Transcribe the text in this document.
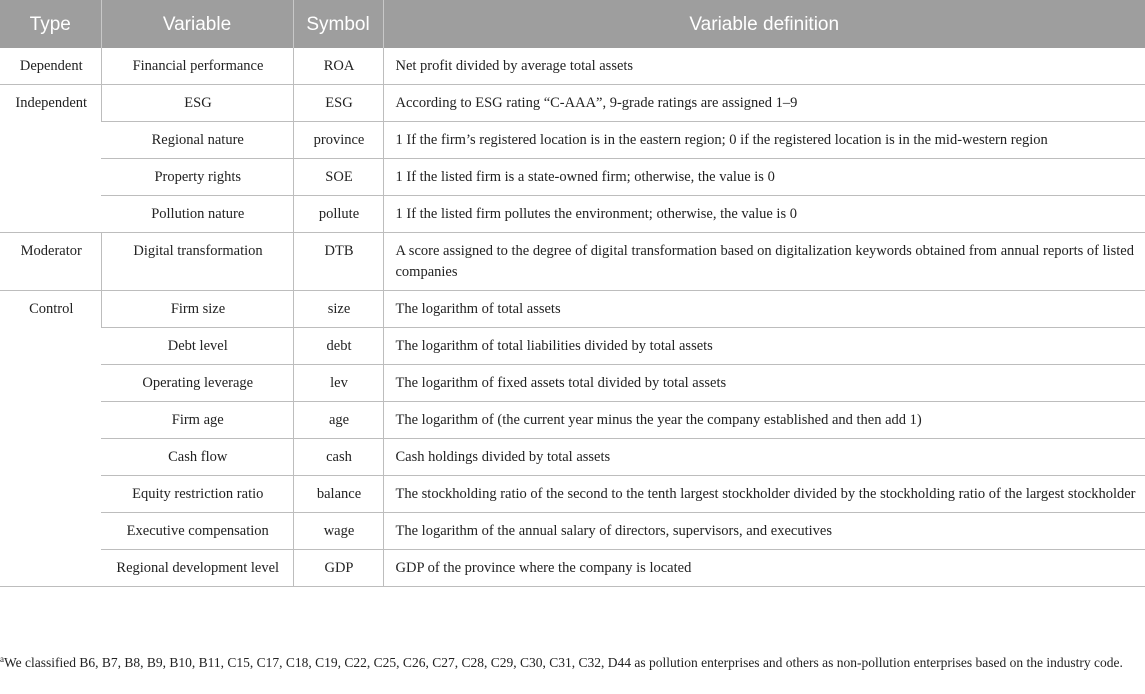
Type	Variable	Symbol	Variable definition
Dependent	Financial performance	ROA	Net profit divided by average total assets
Independent	ESG	ESG	According to ESG rating “C-AAA”, 9-grade ratings are assigned 1–9
	Regional nature	province	1 If the firm’s registered location is in the eastern region; 0 if the registered location is in the mid-western region
	Property rights	SOE	1 If the listed firm is a state-owned firm; otherwise, the value is 0
	Pollution nature	pollute	1 If the listed firm pollutes the environment; otherwise, the value is 0
Moderator	Digital transformation	DTB	A score assigned to the degree of digital transformation based on digitalization keywords obtained from annual reports of listed companies
Control	Firm size	size	The logarithm of total assets
	Debt level	debt	The logarithm of total liabilities divided by total assets
	Operating leverage	lev	The logarithm of fixed assets total divided by total assets
	Firm age	age	The logarithm of (the current year minus the year the company established and then add 1)
	Cash flow	cash	Cash holdings divided by total assets
	Equity restriction ratio	balance	The stockholding ratio of the second to the tenth largest stockholder divided by the stockholding ratio of the largest stockholder
	Executive compensation	wage	The logarithm of the annual salary of directors, supervisors, and executives
	Regional development level	GDP	GDP of the province where the company is located
$^a$We classified B6, B7, B8, B9, B10, B11, C15, C17, C18, C19, C22, C25, C26, C27, C28, C29, C30, C31, C32, D44 as pollution enterprises and others as non-pollution enterprises based on the industry code.
